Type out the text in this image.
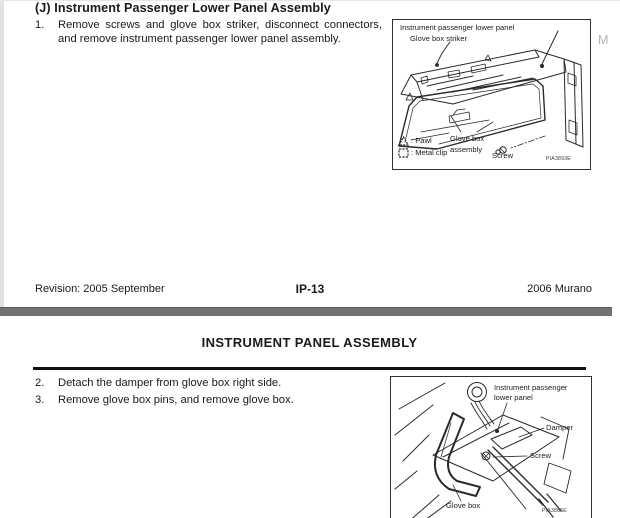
(J) Instrument Passenger Lower Panel Assembly
1.	Remove screws and glove box striker, disconnect connectors, and remove instrument passenger lower panel assembly.
Instrument passenger lower panel
Glove box striker
: Pawl
: Metal clip
Glove box
assembly
Screw	PIA3893E
M
Revision: 2005 September	IP-13	2006 Murano
INSTRUMENT PANEL ASSEMBLY
2.	Detach the damper from glove box right side.
3.	Remove glove box pins, and remove glove box.
Instrument passenger
lower panel
Damper
Screw
Glove box
PIA3885E
